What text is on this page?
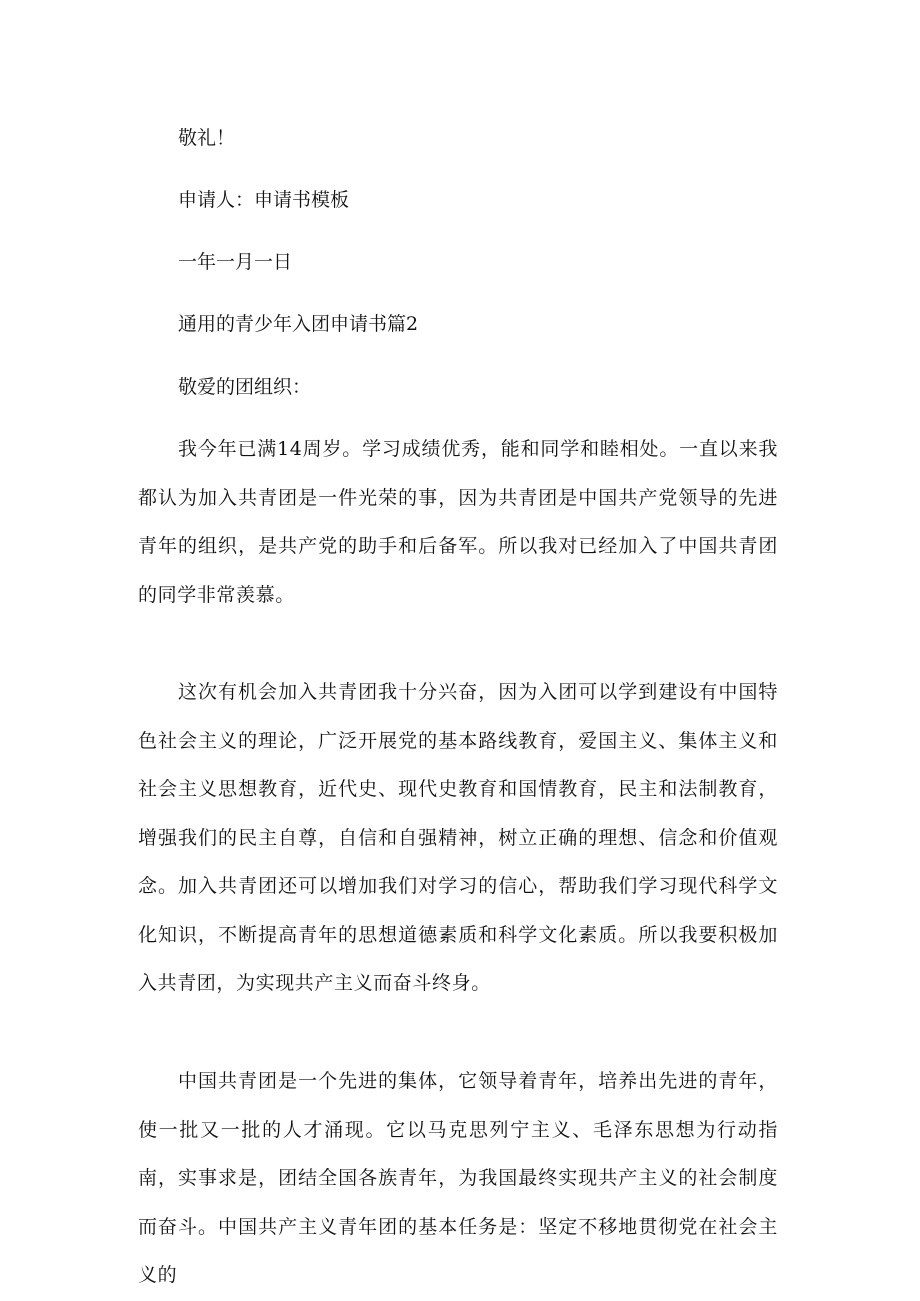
敬礼！

申请人：申请书模板

一年一月一日

通用的青少年入团申请书篇2

敬爱的团组织：

我今年已满14周岁。学习成绩优秀，能和同学和睦相处。一直以来我都认为加入共青团是一件光荣的事，因为共青团是中国共产党领导的先进青年的组织，是共产党的助手和后备军。所以我对已经加入了中国共青团的同学非常羡慕。

这次有机会加入共青团我十分兴奋，因为入团可以学到建设有中国特色社会主义的理论，广泛开展党的基本路线教育，爱国主义、集体主义和社会主义思想教育，近代史、现代史教育和国情教育，民主和法制教育，增强我们的民主自尊，自信和自强精神，树立正确的理想、信念和价值观念。加入共青团还可以增加我们对学习的信心，帮助我们学习现代科学文化知识，不断提高青年的思想道德素质和科学文化素质。所以我要积极加入共青团，为实现共产主义而奋斗终身。

中国共青团是一个先进的集体，它领导着青年，培养出先进的青年，使一批又一批的人才涌现。它以马克思列宁主义、毛泽东思想为行动指南，实事求是，团结全国各族青年，为我国最终实现共产主义的社会制度而奋斗。中国共产主义青年团的基本任务是：坚定不移地贯彻党在社会主义的
